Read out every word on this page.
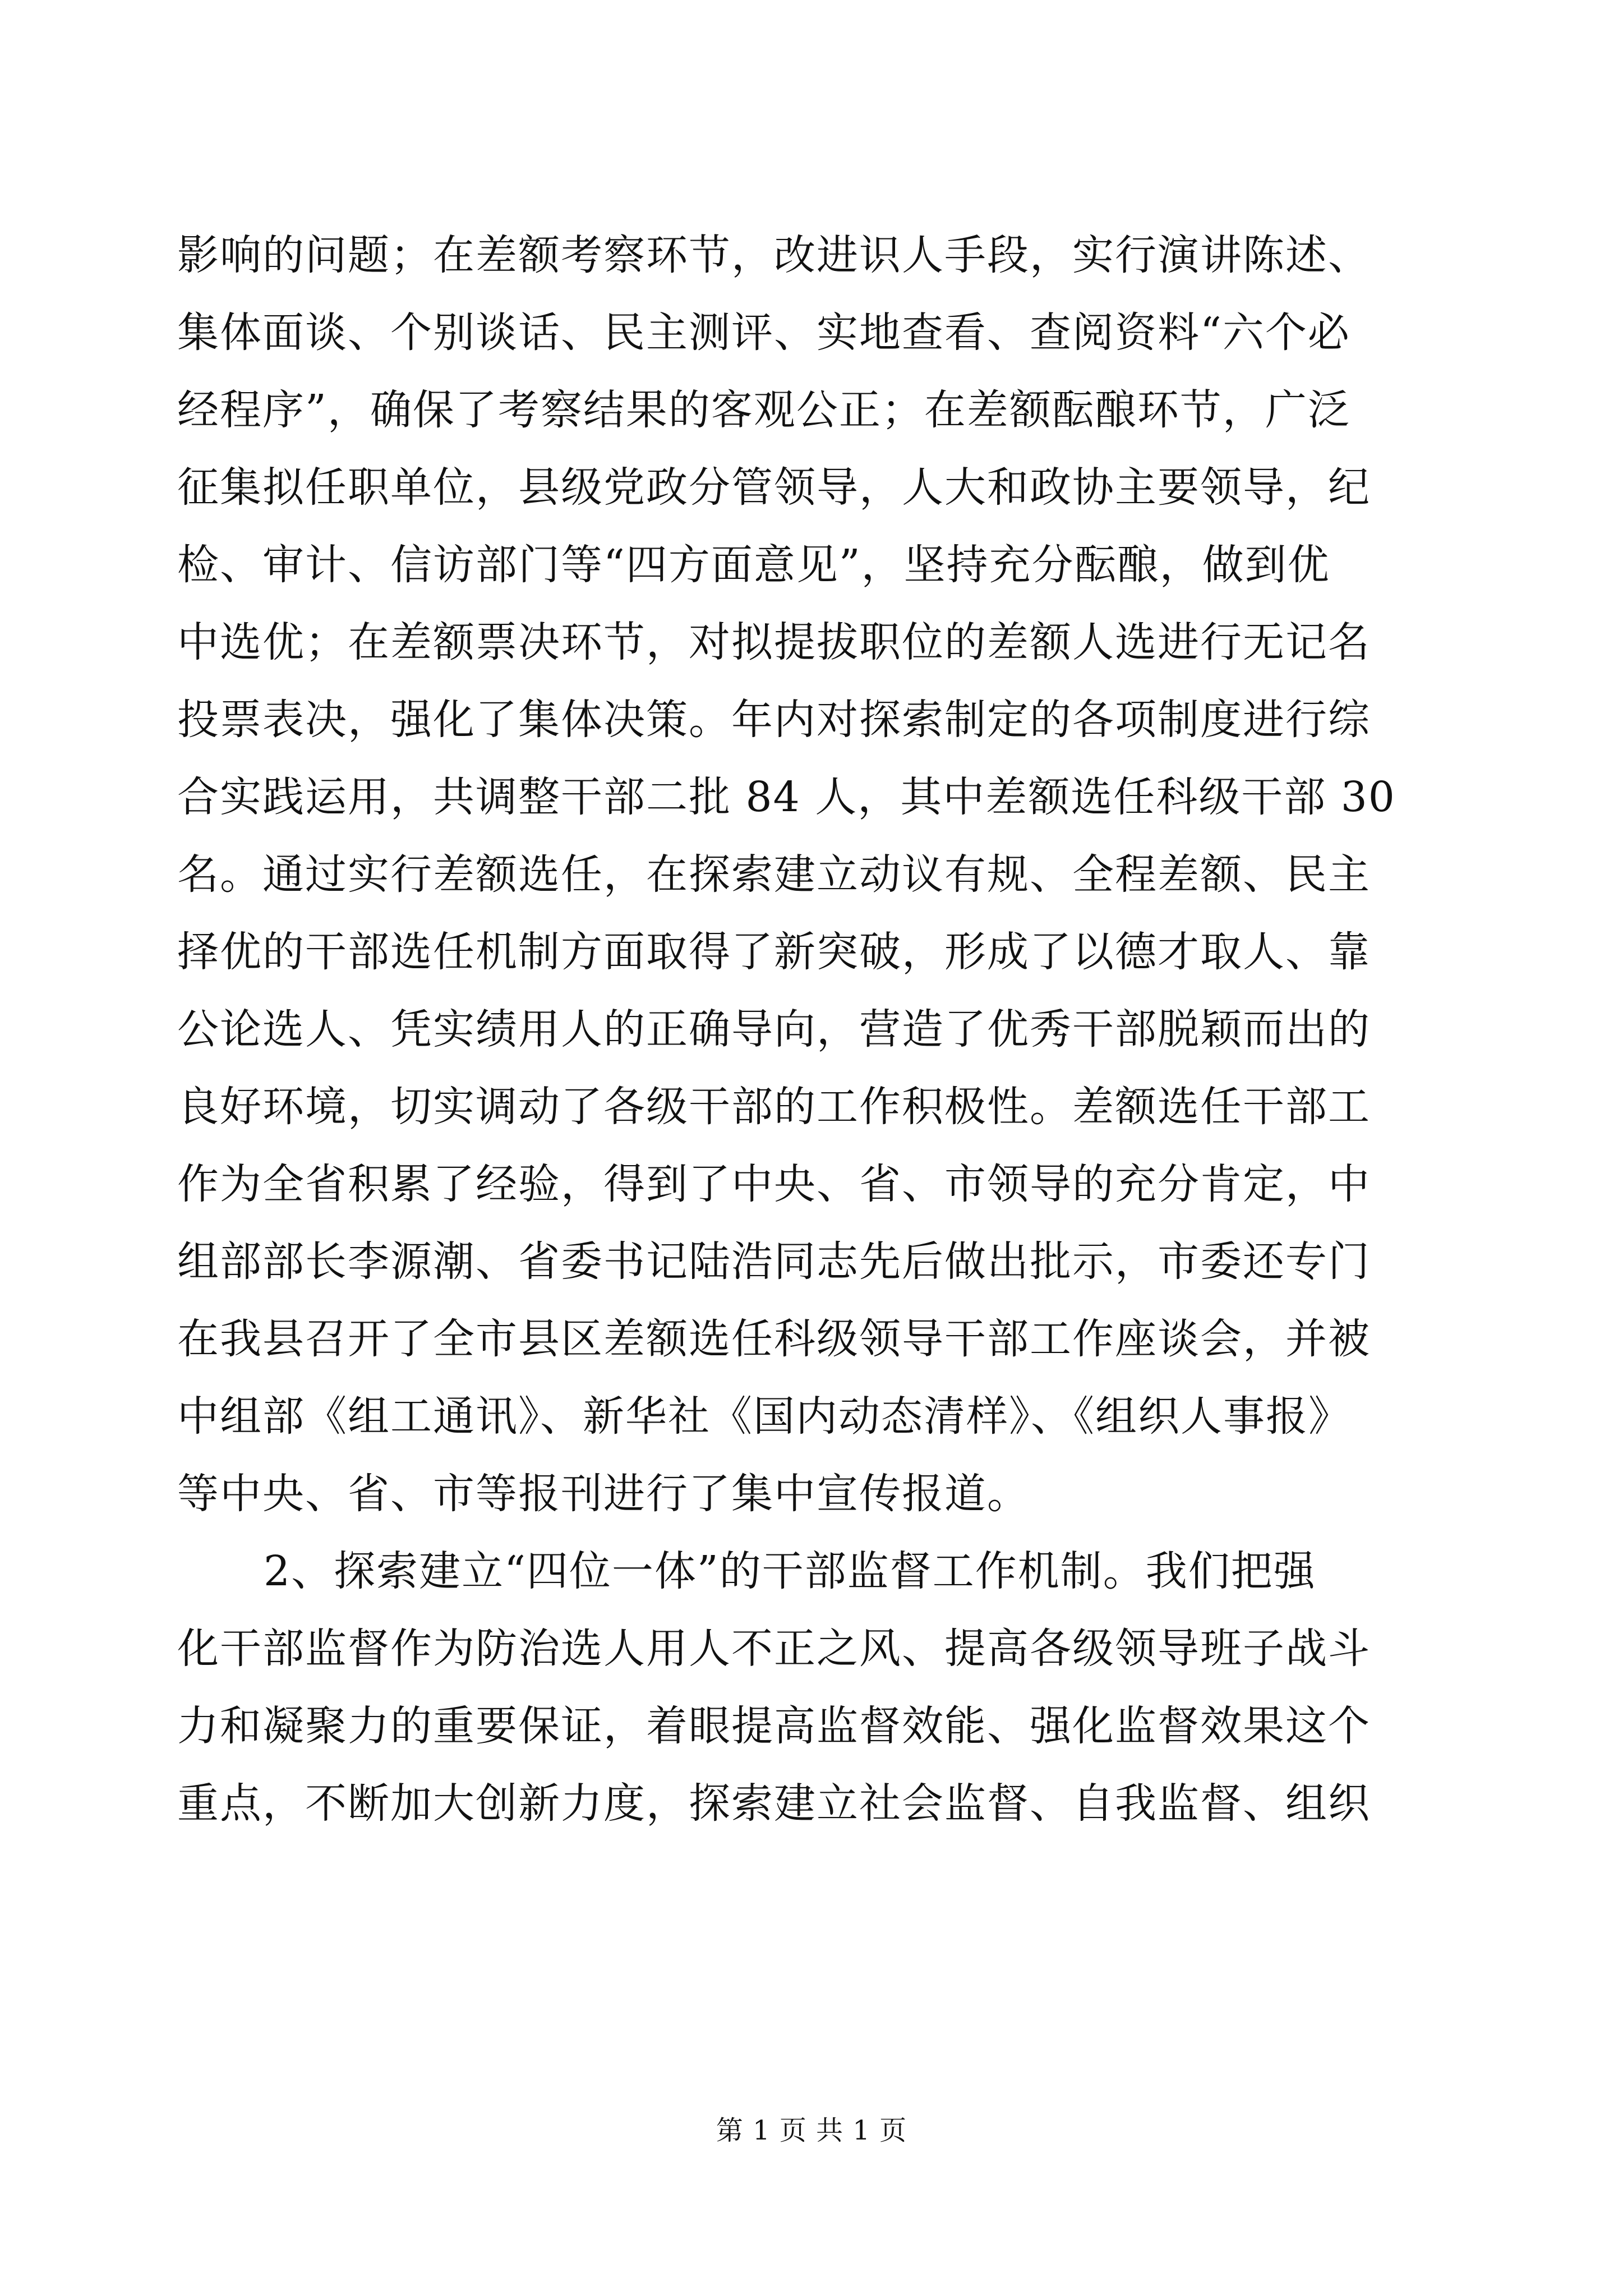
影响的问题；在差额考察环节，改进识人手段，实行演讲陈述、
集体面谈、个别谈话、民主测评、实地查看、查阅资料“六个必
经程序”，确保了考察结果的客观公正；在差额酝酿环节，广泛
征集拟任职单位，县级党政分管领导，人大和政协主要领导，纪
检、审计、信访部门等“四方面意见”，坚持充分酝酿，做到优
中选优；在差额票决环节，对拟提拔职位的差额人选进行无记名
投票表决，强化了集体决策。年内对探索制定的各项制度进行综
合实践运用，共调整干部二批 84 人，其中差额选任科级干部 30
名。通过实行差额选任，在探索建立动议有规、全程差额、民主
择优的干部选任机制方面取得了新突破，形成了以德才取人、靠
公论选人、凭实绩用人的正确导向，营造了优秀干部脱颖而出的
良好环境，切实调动了各级干部的工作积极性。差额选任干部工
作为全省积累了经验，得到了中央、省、市领导的充分肯定，中
组部部长李源潮、省委书记陆浩同志先后做出批示，市委还专门
在我县召开了全市县区差额选任科级领导干部工作座谈会，并被
中组部《组工通讯》、新华社《国内动态清样》、《组织人事报》
等中央、省、市等报刊进行了集中宣传报道。
2、探索建立“四位一体”的干部监督工作机制。我们把强
化干部监督作为防治选人用人不正之风、提高各级领导班子战斗
力和凝聚力的重要保证，着眼提高监督效能、强化监督效果这个
重点，不断加大创新力度，探索建立社会监督、自我监督、组织
第 1 页 共 1 页
